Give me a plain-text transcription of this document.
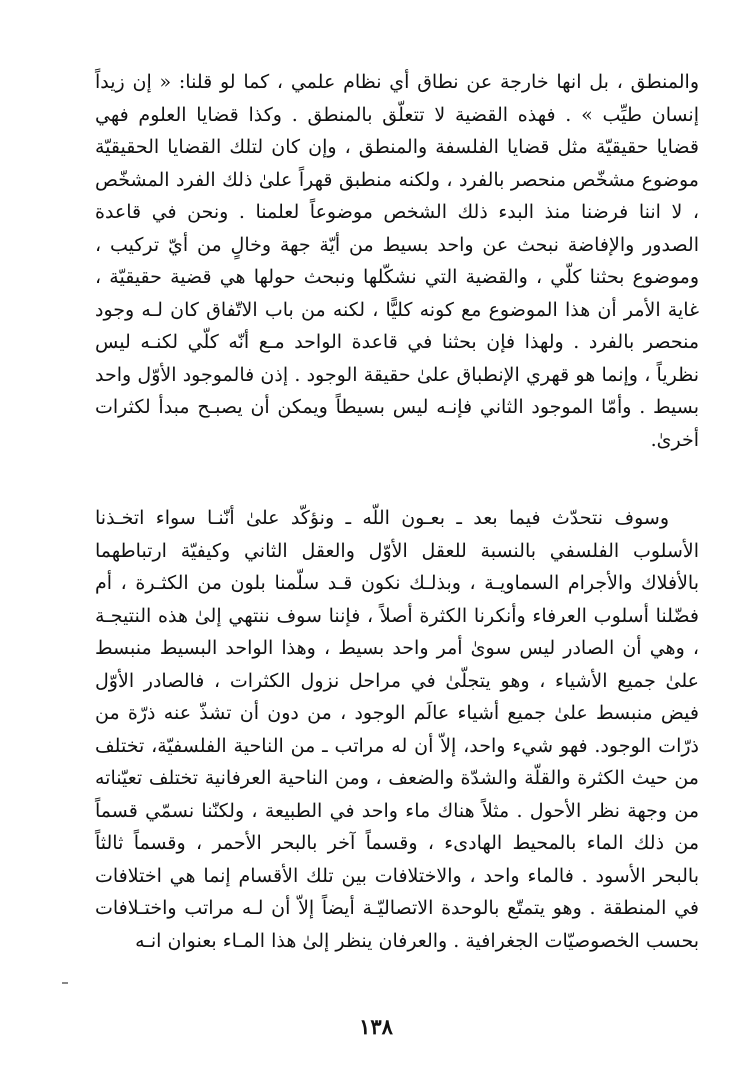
والمنطق ، بل انها خارجة عن نطاق أي نظام علمي ، كما لو قلنا: « إن زيداً إنسان طيِّب » . فهذه القضية لا تتعلّق بالمنطق . وكذا قضايا العلوم فهي قضايا حقيقيّة مثل قضايا الفلسفة والمنطق ، وإن كان لتلك القضايا الحقيقيّة موضوع مشخّص منحصر بالفرد ، ولكنه منطبق قهراً علىٰ ذلك الفرد المشخّص ، لا اننا فرضنا منذ البدء ذلك الشخص موضوعاً لعلمنا . ونحن في قاعدة الصدور والإفاضة نبحث عن واحد بسيط من أيّة جهة وخالٍ من أيّ تركيب ، وموضوع بحثنا كلّي ، والقضية التي نشكّلها ونبحث حولها هي قضية حقيقيّة ، غاية الأمر أن هذا الموضوع مع كونه كليًّا ، لكنه من باب الاتّفاق كان لـه وجود منحصر بالفرد . ولهذا فإن بحثنا في قاعدة الواحد مـع أنّه كلّي لكنـه ليس نظرياً ، وإنما هو قهري الإنطباق علىٰ حقيقة الوجود . إذن فالموجود الأوّل واحد بسيط . وأمّا الموجود الثاني فإنـه ليس بسيطاً ويمكن أن يصبـح مبدأ لكثرات أخرىٰ.

وسوف نتحدّث فيما بعد ـ بعـون اللّه ـ ونؤكّد علىٰ أنّنـا سواء اتخـذنا الأسلوب الفلسفي بالنسبة للعقل الأوّل والعقل الثاني وكيفيّة ارتباطهما بالأفلاك والأجرام السماويـة ، وبذلـك نكون قـد سلّمنا بلون من الكثـرة ، أم فضّلنا أسلوب العرفاء وأنكرنا الكثرة أصلاً ، فإننا سوف ننتهي إلىٰ هذه النتيجـة ، وهي أن الصادر ليس سوىٰ أمر واحد بسيط ، وهذا الواحد البسيط منبسط علىٰ جميع الأشياء ، وهو يتجلّىٰ في مراحل نزول الكثرات ، فالصادر الأوّل فيض منبسط علىٰ جميع أشياء عالَم الوجود ، من دون أن تشذّ عنه ذرّة من ذرّات الوجود. فهو شيء واحد، إلاّ أن له مراتب ـ من الناحية الفلسفيّة، تختلف من حيث الكثرة والقلّة والشدّة والضعف ، ومن الناحية العرفانية تختلف تعيّناته من وجهة نظر الأحول . مثلاً هناك ماء واحد في الطبيعة ، ولكنّنا نسمّي قسماً من ذلك الماء بالمحيط الهادىء ، وقسماً آخر بالبحر الأحمر ، وقسماً ثالثاً بالبحر الأسود . فالماء واحد ، والاختلافات بين تلك الأقسام إنما هي اختلافات في المنطقة . وهو يتمتّع بالوحدة الاتصاليّـة أيضاً إلاّ أن لـه مراتب واختـلافات بحسب الخصوصيّات الجغرافية . والعرفان ينظر إلىٰ هذا المـاء بعنوان انـه

١٣٨
